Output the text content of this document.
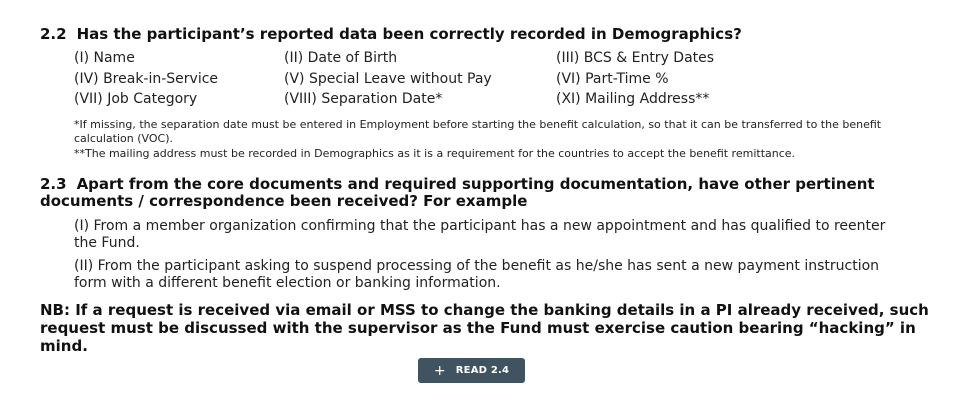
2.2 Has the participant’s reported data been correctly recorded in Demographics?
(I) Name	(II) Date of Birth	(III) BCS & Entry Dates
(IV) Break-in-Service	(V) Special Leave without Pay	(VI) Part-Time %
(VII) Job Category	(VIII) Separation Date*	(XI) Mailing Address**
*If missing, the separation date must be entered in Employment before starting the benefit calculation, so that it can be transferred to the benefit calculation (VOC).
**The mailing address must be recorded in Demographics as it is a requirement for the countries to accept the benefit remittance.
2.3 Apart from the core documents and required supporting documentation, have other pertinent documents / correspondence been received? For example
(I) From a member organization confirming that the participant has a new appointment and has qualified to reenter the Fund.
(II) From the participant asking to suspend processing of the benefit as he/she has sent a new payment instruction form with a different benefit election or banking information.
NB: If a request is received via email or MSS to change the banking details in a PI already received, such request must be discussed with the supervisor as the Fund must exercise caution bearing “hacking” in mind.
+ READ 2.4
